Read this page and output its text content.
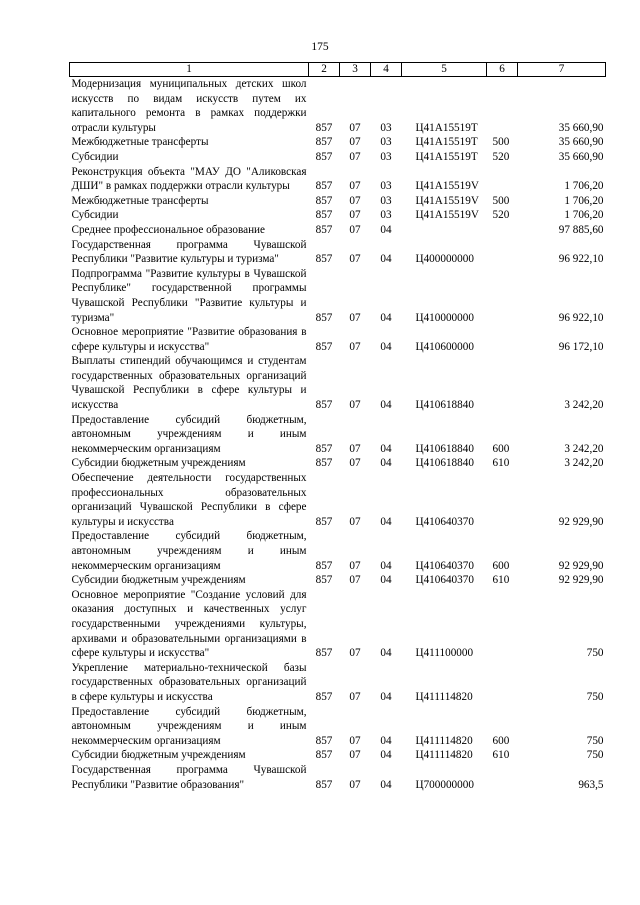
175
1	2	3	4	5	6	7
Модернизация муниципальных детских школ искусств по видам искусств путем их капитального ремонта в рамках поддержки отрасли культуры	857	07	03	Ц41A15519Т		35 660,90
Межбюджетные трансферты	857	07	03	Ц41A15519Т	500	35 660,90
Субсидии	857	07	03	Ц41A15519Т	520	35 660,90
Реконструкция объекта "МАУ ДО "Аликовская ДШИ" в рамках поддержки отрасли культуры	857	07	03	Ц41A15519V		1 706,20
Межбюджетные трансферты	857	07	03	Ц41A15519V	500	1 706,20
Субсидии	857	07	03	Ц41A15519V	520	1 706,20
Среднее профессиональное образование	857	07	04			97 885,60
Государственная программа Чувашской Республики "Развитие культуры и туризма"	857	07	04	Ц400000000		96 922,10
Подпрограмма "Развитие культуры в Чувашской Республике" государственной программы Чувашской Республики "Развитие культуры и туризма"	857	07	04	Ц410000000		96 922,10
Основное мероприятие "Развитие образования в сфере культуры и искусства"	857	07	04	Ц410600000		96 172,10
Выплаты стипендий обучающимся и студентам государственных образовательных организаций Чувашской Республики в сфере культуры и искусства	857	07	04	Ц410618840		3 242,20
Предоставление субсидий бюджетным, автономным учреждениям и иным некоммерческим организациям	857	07	04	Ц410618840	600	3 242,20
Субсидии бюджетным учреждениям	857	07	04	Ц410618840	610	3 242,20
Обеспечение деятельности государственных профессиональных образовательных организаций Чувашской Республики в сфере культуры и искусства	857	07	04	Ц410640370		92 929,90
Предоставление субсидий бюджетным, автономным учреждениям и иным некоммерческим организациям	857	07	04	Ц410640370	600	92 929,90
Субсидии бюджетным учреждениям	857	07	04	Ц410640370	610	92 929,90
Основное мероприятие "Создание условий для оказания доступных и качественных услуг государственными учреждениями культуры, архивами и образовательными организациями в сфере культуры и искусства"	857	07	04	Ц411100000		750
Укрепление материально-технической базы государственных образовательных организаций в сфере культуры и искусства	857	07	04	Ц411114820		750
Предоставление субсидий бюджетным, автономным учреждениям и иным некоммерческим организациям	857	07	04	Ц411114820	600	750
Субсидии бюджетным учреждениям	857	07	04	Ц411114820	610	750
Государственная программа Чувашской Республики "Развитие образования"	857	07	04	Ц700000000		963,5
